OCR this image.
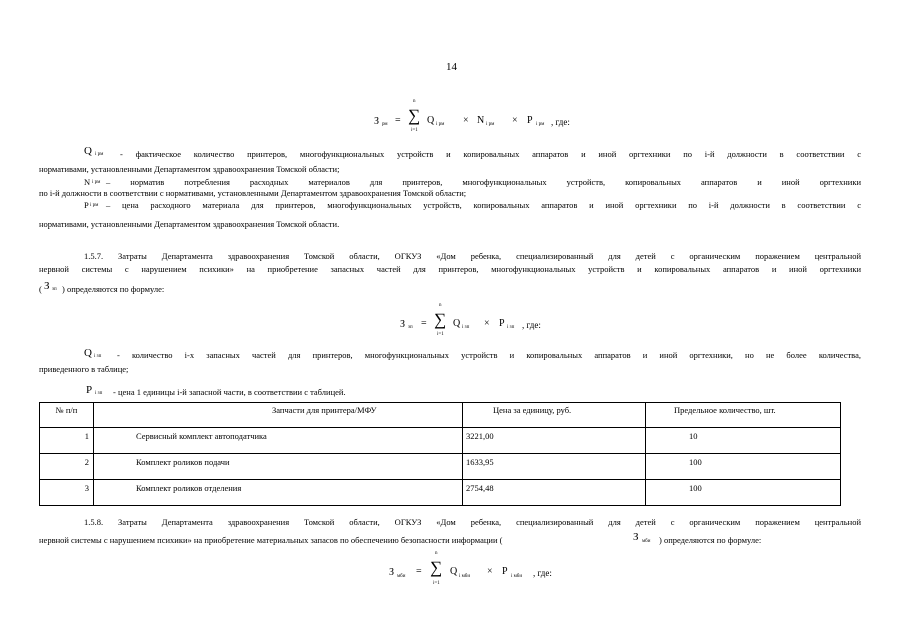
14
З рм =
n
∑
i=1
Q i рм × N i рм × P i рм , где:
Q i рм - фактическое количество принтеров, многофункциональных устройств и копировальных аппаратов и иной оргтехники по i-й должности в соответствии с
нормативами, установленными Департаментом здравоохранения Томской области;
N i рм – норматив потребления расходных материалов для принтеров, многофункциональных устройств, копировальных аппаратов и иной оргтехники
по i-й должности в соответствии с нормативами, установленными Департаментом здравоохранения Томской области;
P i рм – цена расходного материала для принтеров, многофункциональных устройств, копировальных аппаратов и иной оргтехники по i-й должности в соответствии с
нормативами, установленными Департаментом здравоохранения Томской области.
1.5.7. Затраты Департамента здравоохранения Томской области, ОГКУЗ «Дом ребенка, специализированный для детей с органическим поражением центральной
нервной системы с нарушением психики» на приобретение запасных частей для принтеров, многофункциональных устройств и копировальных аппаратов и иной оргтехники
( З зп ) определяются по формуле:
З зп =
n
∑
i=1
Q i зп × P i зп , где:
Q i зп - количество i-х запасных частей для принтеров, многофункциональных устройств и копировальных аппаратов и иной оргтехники, но не более количества,
приведенного в таблице;
P i зп - цена 1 единицы i-й запасной части, в соответствии с таблицей.
№ п/п	Запчасти для принтера/МФУ	Цена за единицу, руб.	Предельное количество, шт.
1	Сервисный комплект автоподатчика	3221,00	10
2	Комплект роликов подачи	1633,95	100
3	Комплект роликов отделения	2754,48	100
1.5.8. Затраты Департамента здравоохранения Томской области, ОГКУЗ «Дом ребенка, специализированный для детей с органическим поражением центральной
нервной системы с нарушением психики» на приобретение материальных запасов по обеспечению безопасности информации (	З мби ) определяются по формуле:
З мби =
n
∑
i=1
Q i мби × P i мби , где:
